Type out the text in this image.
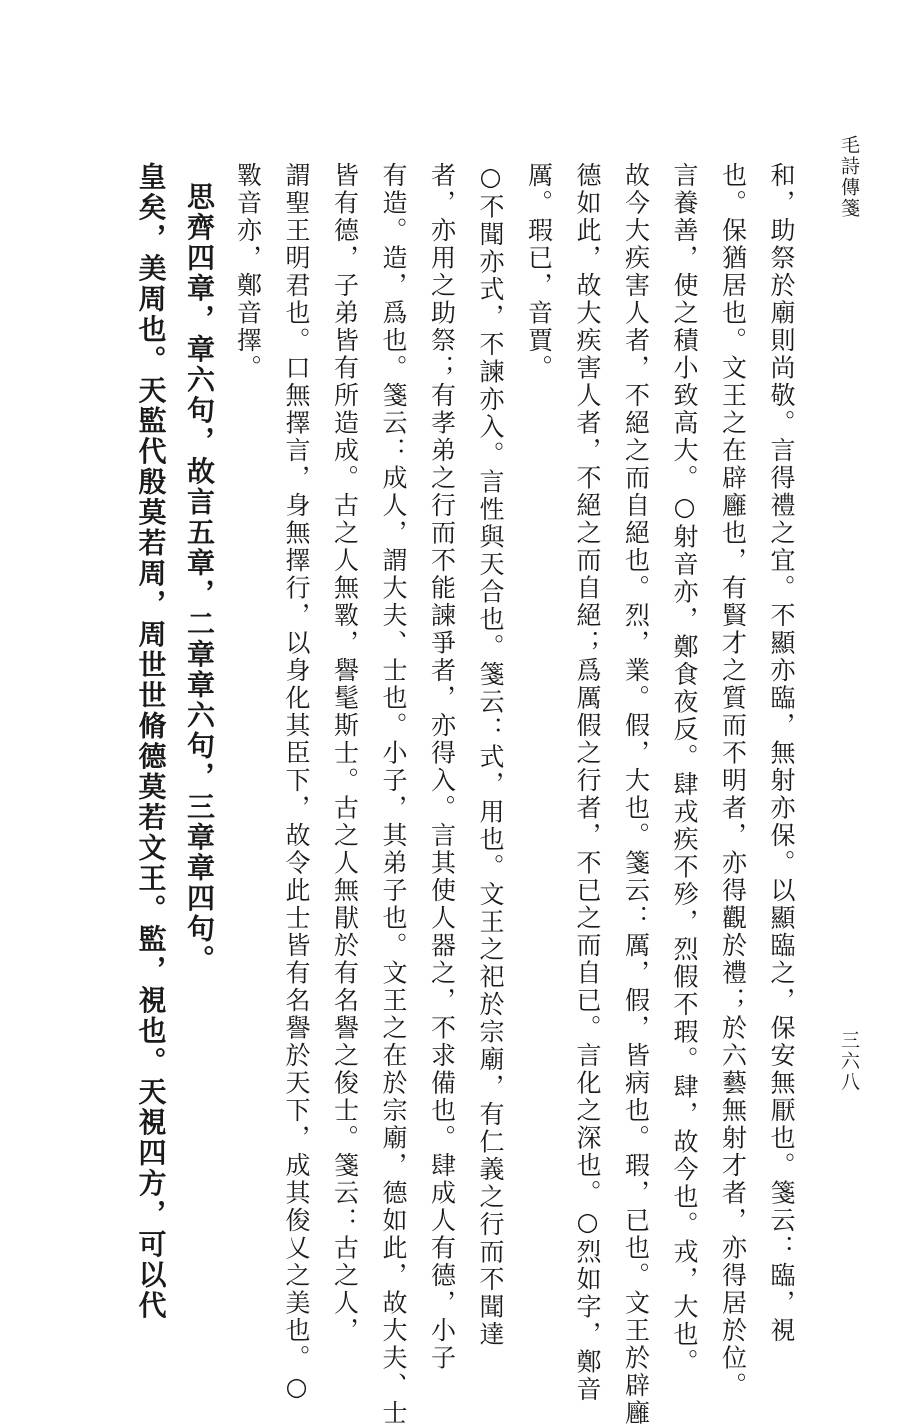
毛詩傳箋
三六八
和，助祭於廟則尚敬。言得禮之宜。不顯亦臨，無射亦保。以顯臨之，保安無厭也。箋云：臨，視
也。保猶居也。文王之在辟廱也，有賢才之質而不明者，亦得觀於禮；於六藝無射才者，亦得居於位。
言養善，使之積小致高大。○射音亦，鄭食夜反。肆戎疾不殄，烈假不瑕。肆，故今也。戎，大也。
故今大疾害人者，不絕之而自絕也。烈，業。假，大也。箋云：厲，假，皆病也。瑕，已也。文王於辟廱
德如此，故大疾害人者，不絕之而自絕；爲厲假之行者，不已之而自已。言化之深也。○烈如字，鄭音
厲。瑕已，音賈。
○不聞亦式，不諫亦入。言性與天合也。箋云：式，用也。文王之祀於宗廟，有仁義之行而不聞達
者，亦用之助祭；有孝弟之行而不能諫爭者，亦得入。言其使人器之，不求備也。肆成人有德，小子
有造。造，爲也。箋云：成人，謂大夫、士也。小子，其弟子也。文王之在於宗廟，德如此，故大夫、士
皆有德，子弟皆有所造成。古之人無斁，譽髦斯士。古之人無猒於有名譽之俊士。箋云：古之人，
謂聖王明君也。口無擇言，身無擇行，以身化其臣下，故令此士皆有名譽於天下，成其俊乂之美也。○
斁音亦，鄭音擇。
思齊四章，章六句，故言五章，二章章六句，三章章四句。
皇矣，美周也。天監代殷莫若周，周世世脩德莫若文王。監，視也。天視四方，可以代
